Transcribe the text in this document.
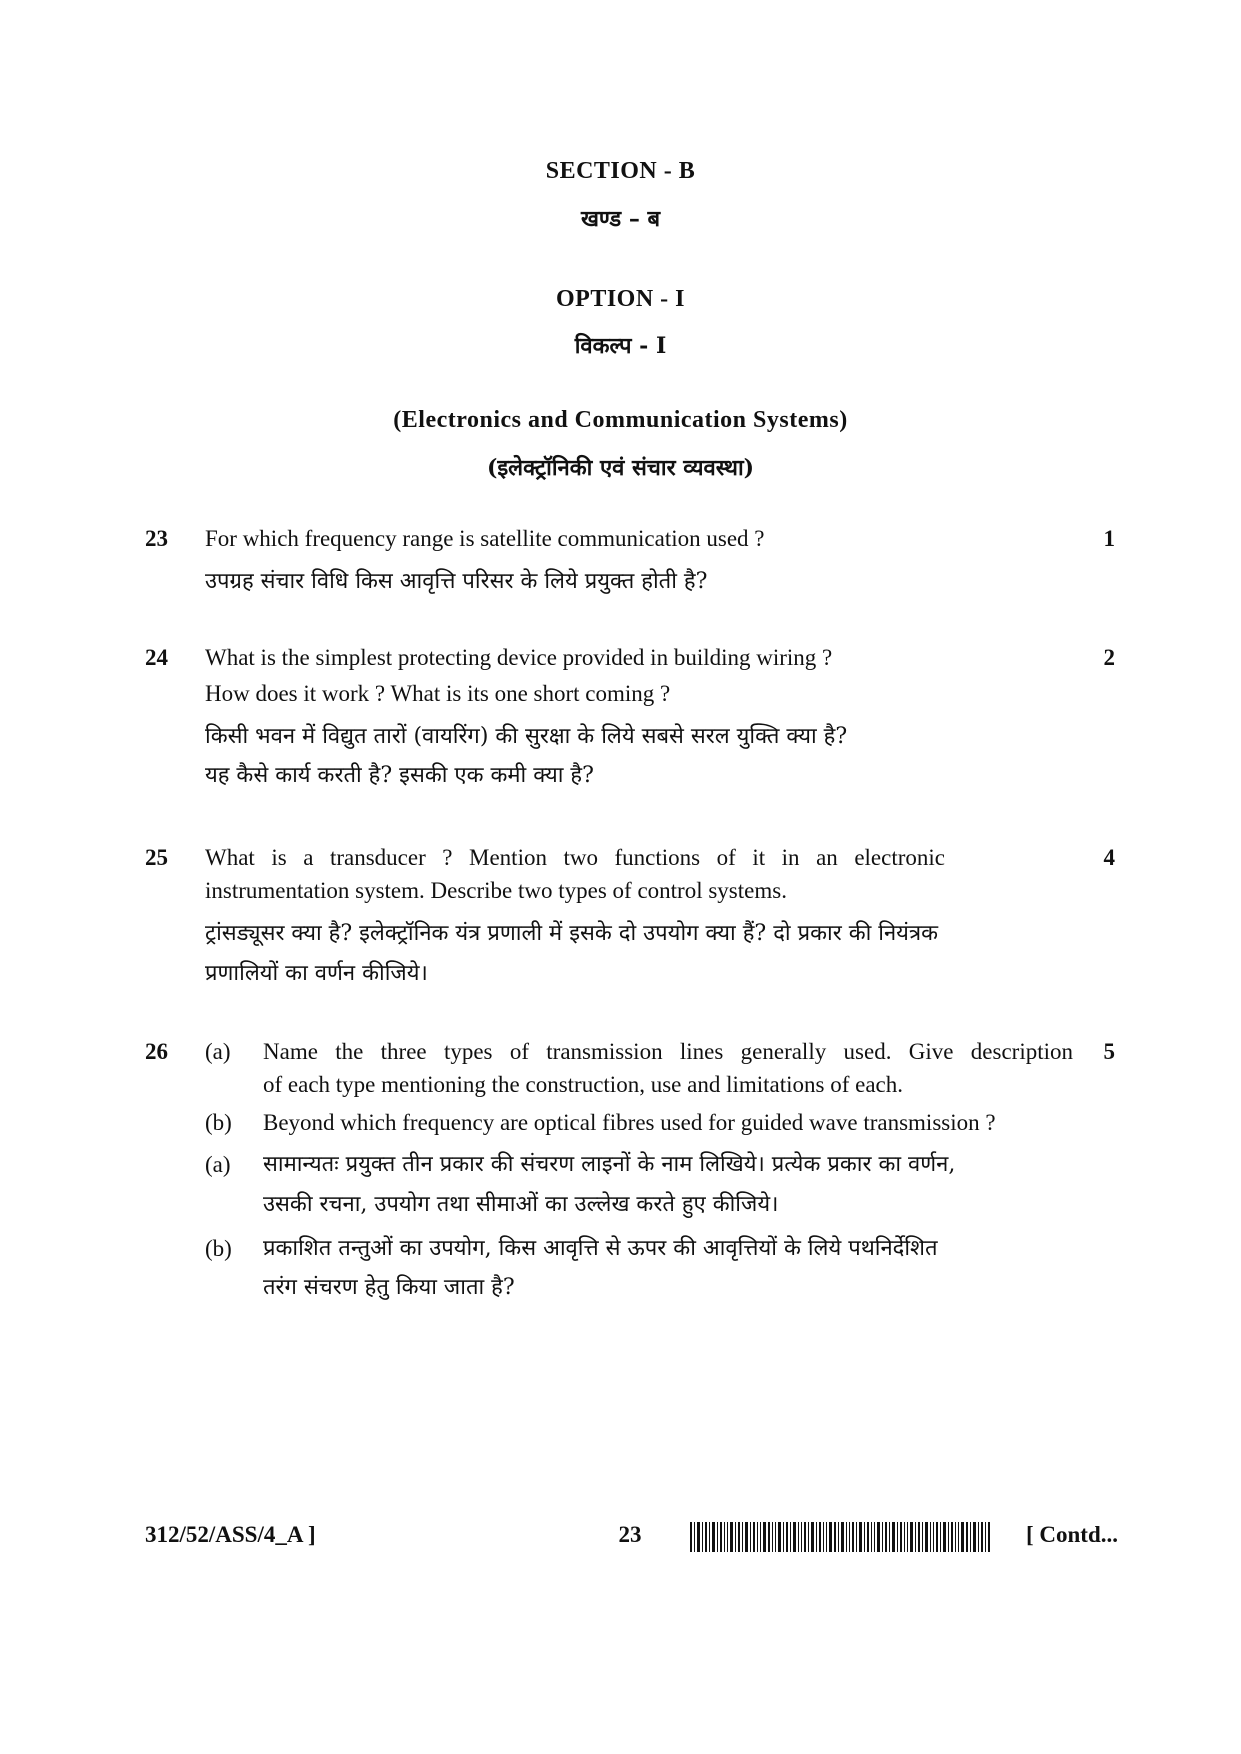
SECTION - B
खण्ड – ब
OPTION - I
विकल्प - I
(Electronics and Communication Systems)
(इलेक्ट्रॉनिकी एवं संचार व्यवस्था)
23	1
For which frequency range is satellite communication used ?
उपग्रह संचार विधि किस आवृत्ति परिसर के लिये प्रयुक्त होती है?
24	2
What is the simplest protecting device provided in building wiring ?
How does it work ? What is its one short coming ?
किसी भवन में विद्युत तारों (वायरिंग) की सुरक्षा के लिये सबसे सरल युक्ति क्या है?
यह कैसे कार्य करती है? इसकी एक कमी क्या है?
25	4
What is a transducer ? Mention two functions of it in an electronic
instrumentation system. Describe two types of control systems.
ट्रांसड्यूसर क्या है? इलेक्ट्रॉनिक यंत्र प्रणाली में इसके दो उपयोग क्या हैं? दो प्रकार की नियंत्रक
प्रणालियों का वर्णन कीजिये।
26	5
(a) Name the three types of transmission lines generally used. Give description
of each type mentioning the construction, use and limitations of each.
(b) Beyond which frequency are optical fibres used for guided wave transmission ?
(a) सामान्यतः प्रयुक्त तीन प्रकार की संचरण लाइनों के नाम लिखिये। प्रत्येक प्रकार का वर्णन,
उसकी रचना, उपयोग तथा सीमाओं का उल्लेख करते हुए कीजिये।
(b) प्रकाशित तन्तुओं का उपयोग, किस आवृत्ति से ऊपर की आवृत्तियों के लिये पथनिर्देशित
तरंग संचरण हेतु किया जाता है?
312/52/ASS/4_A ]	23	[ Contd...
